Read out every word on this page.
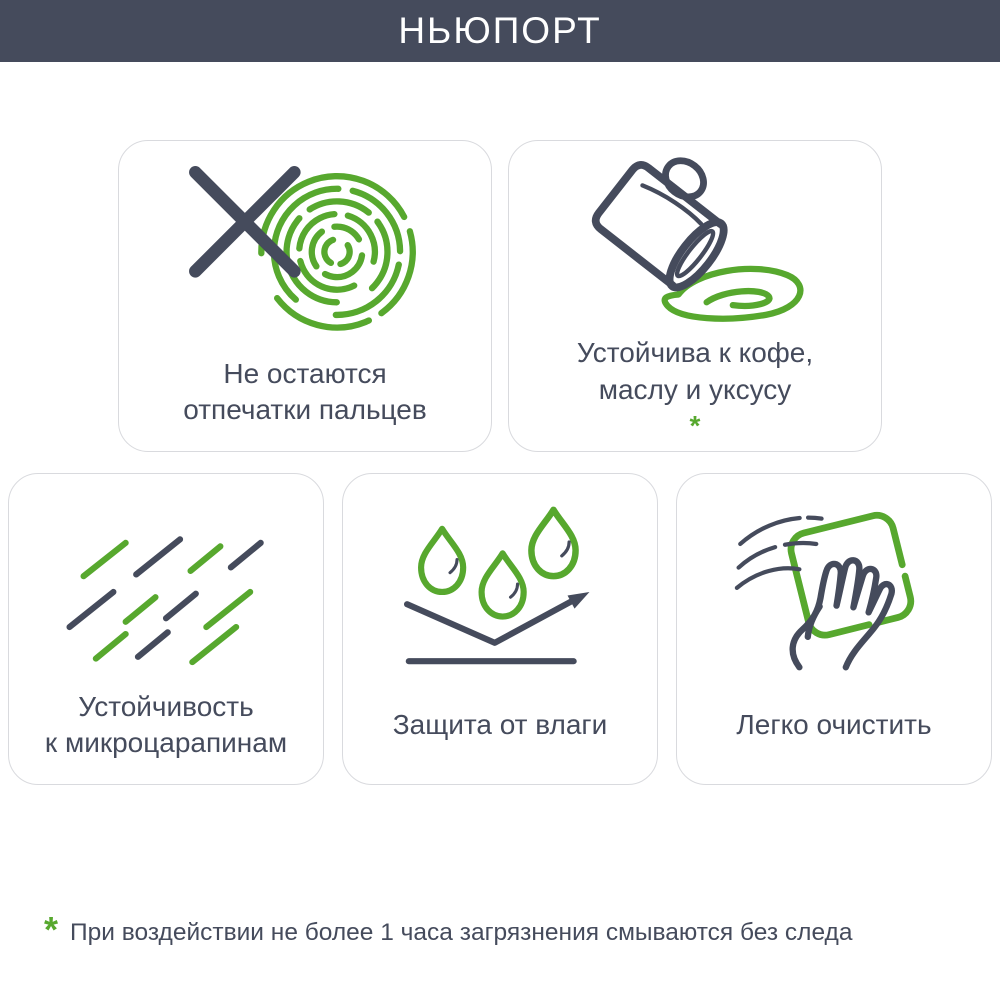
НЬЮПОРТ
Не остаются
отпечатки пальцев
Устойчива к кофе,
маслу и уксусу
*
Устойчивость
к микроцарапинам
Защита от влаги	Легко очистить
* При воздействии не более 1 часа загрязнения смываются без следа
